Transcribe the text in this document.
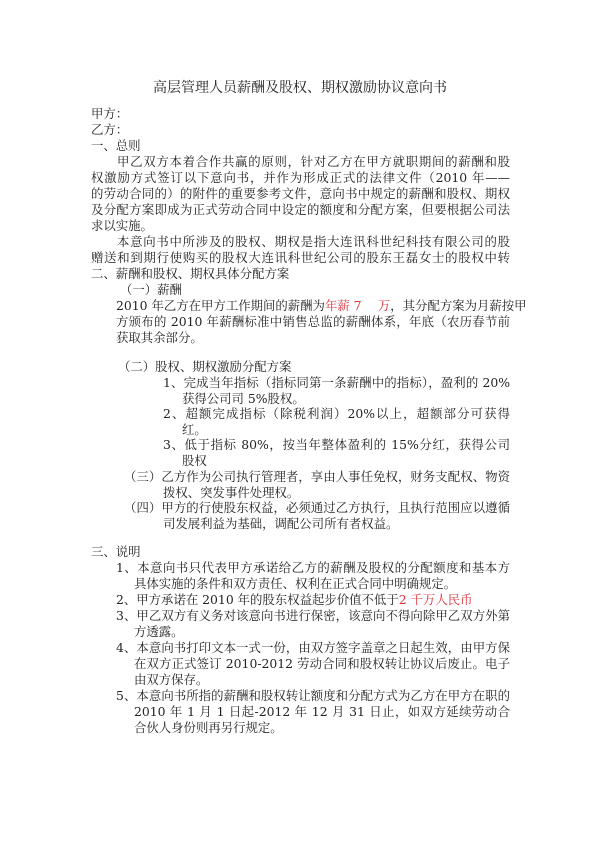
高层管理人员薪酬及股权、期权激励协议意向书
甲方：
乙方：
一、总则
甲乙双方本着合作共赢的原则，针对乙方在甲方就职期间的薪酬和股
权激励方式签订以下意向书，并作为形成正式的法律文件（2010 年——
的劳动合同的）的附件的重要参考文件，意向书中规定的薪酬和股权、期权
及分配方案即成为正式劳动合同中设定的额度和分配方案，但要根据公司法
求以实施。
本意向书中所涉及的股权、期权是指大连讯科世纪科技有限公司的股
赠送和到期行使购买的股权大连讯科世纪公司的股东王磊女士的股权中转
二、薪酬和股权、期权具体分配方案
（一）薪酬
2010 年乙方在甲方工作期间的薪酬为年薪 7　 万，其分配方案为月薪按甲
方颁布的 2010 年薪酬标准中销售总监的薪酬体系，年底（农历春节前
获取其余部分。
（二）股权、期权激励分配方案
1、完成当年指标（指标同第一条薪酬中的指标），盈利的 20%
获得公司司 5%股权。
2、超额完成指标（除税利润）20%以上，超额部分可获得
红。
3、低于指标 80%，按当年整体盈利的 15%分红，获得公司
股权
（三）乙方作为公司执行管理者，享由人事任免权，财务支配权、物资
拨权、突发事件处理权。
（四）甲方的行使股东权益，必须通过乙方执行，且执行范围应以遵循
司发展利益为基础，调配公司所有者权益。
三、说明
1、本意向书只代表甲方承诺给乙方的薪酬及股权的分配额度和基本方
具体实施的条件和双方责任、权利在正式合同中明确规定。
2、甲方承诺在 2010 年的股东权益起步价值不低于2 千万人民币
3、甲乙双方有义务对该意向书进行保密，该意向不得向除甲乙双方外第
方透露。
4、本意向书打印文本一式一份，由双方签字盖章之日起生效，由甲方保
在双方正式签订 2010-2012 劳动合同和股权转让协议后废止。电子
由双方保存。
5、本意向书所指的薪酬和股权转让额度和分配方式为乙方在甲方在职的
2010 年 1 月 1 日起-2012 年 12 月 31 日止，如双方延续劳动合
合伙人身份则再另行规定。
